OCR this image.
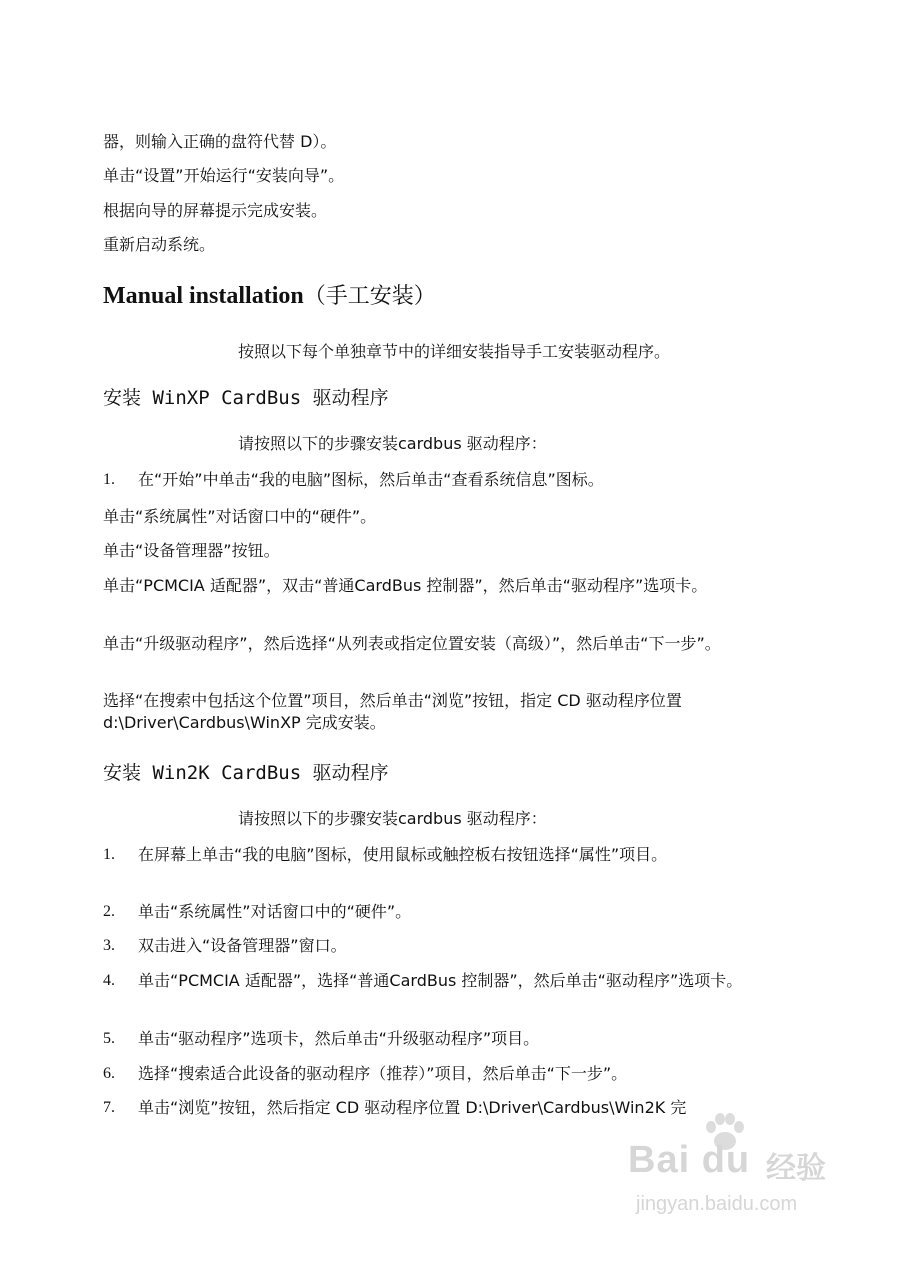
器，则输入正确的盘符代替 D）。
单击“设置”开始运行“安装向导”。
根据向导的屏幕提示完成安装。
重新启动系统。
Manual installation（手工安装）
按照以下每个单独章节中的详细安装指导手工安装驱动程序。
安装 WinXP CardBus 驱动程序
请按照以下的步骤安装cardbus 驱动程序：
1. 在“开始”中单击“我的电脑”图标，然后单击“查看系统信息”图标。
单击“系统属性”对话窗口中的“硬件”。
单击“设备管理器”按钮。
单击“PCMCIA 适配器”，双击“普通CardBus 控制器”，然后单击“驱动程序”选项卡。
单击“升级驱动程序”，然后选择“从列表或指定位置安装（高级）”，然后单击“下一步”。
选择“在搜索中包括这个位置”项目，然后单击“浏览”按钮，指定 CD 驱动程序位置 d:\Driver\Cardbus\WinXP 完成安装。
安装 Win2K CardBus 驱动程序
请按照以下的步骤安装cardbus 驱动程序：
1. 在屏幕上单击“我的电脑”图标，使用鼠标或触控板右按钮选择“属性”项目。
2. 单击“系统属性”对话窗口中的“硬件”。
3. 双击进入“设备管理器”窗口。
4. 单击“PCMCIA 适配器”，选择“普通CardBus 控制器”，然后单击“驱动程序”选项卡。
5. 单击“驱动程序”选项卡，然后单击“升级驱动程序”项目。
6. 选择“搜索适合此设备的驱动程序（推荐）”项目，然后单击“下一步”。
7. 单击“浏览”按钮，然后指定 CD 驱动程序位置 D:\Driver\Cardbus\Win2K 完
Bai du 经验
jingyan.baidu.com
